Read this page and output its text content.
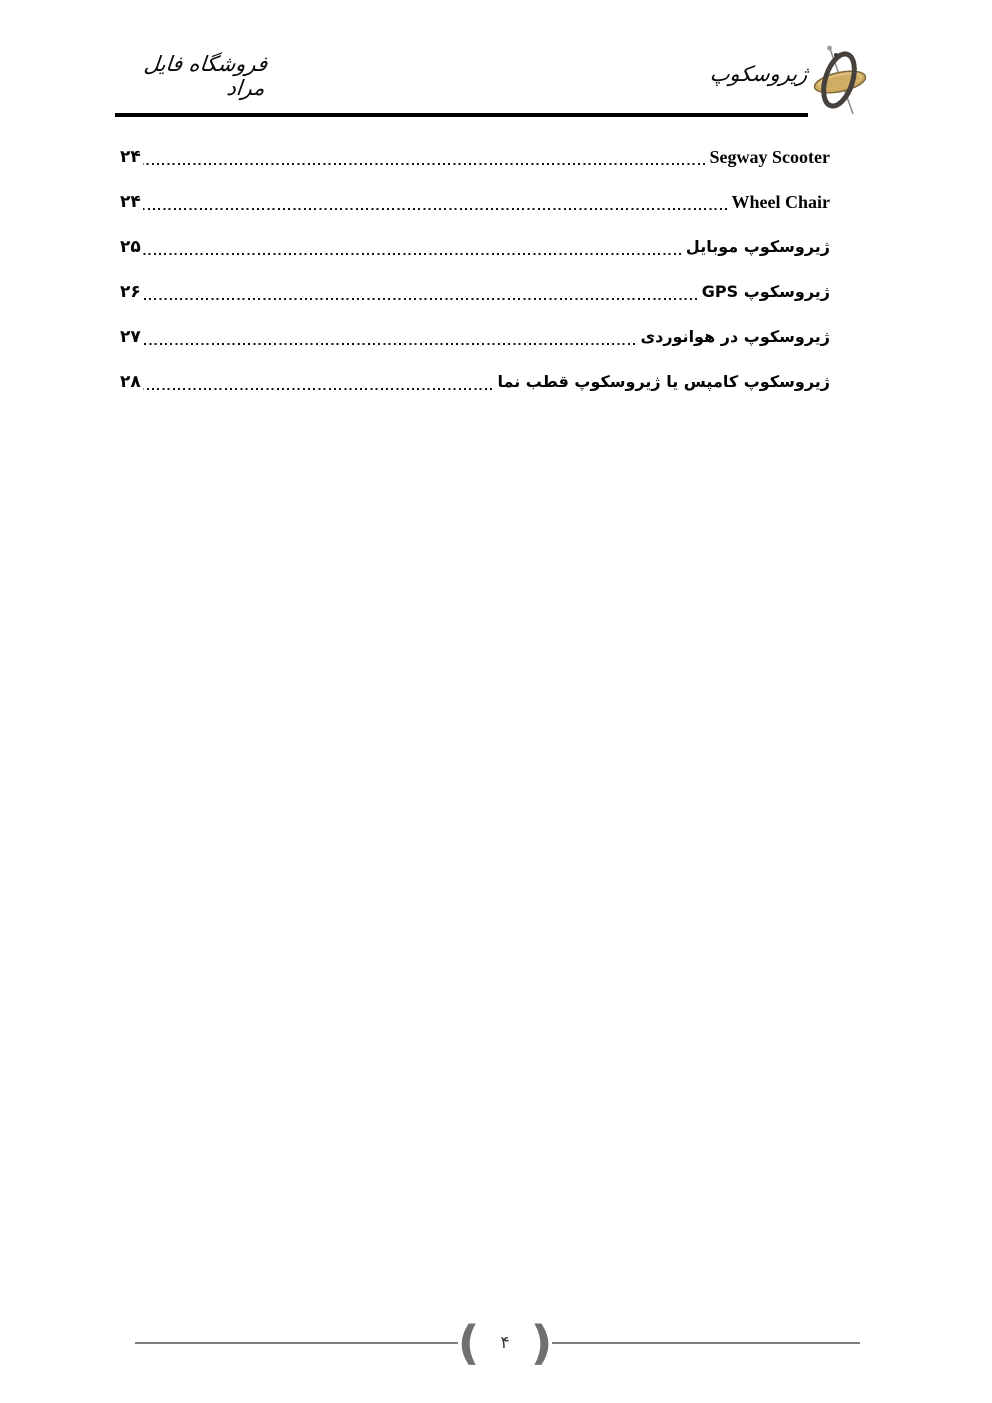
فروشگاه فایل مراد
ژیروسکوپ
Segway Scooter
۲۴
Wheel Chair
۲۴
ژیروسکوپ موبایل
۲۵
ژیروسکوپ GPS
۲۶
ژیروسکوپ در هوانوردی
۲۷
ژیروسکوپ کامپس یا ژیروسکوپ قطب نما
۲۸
(	۴ )
